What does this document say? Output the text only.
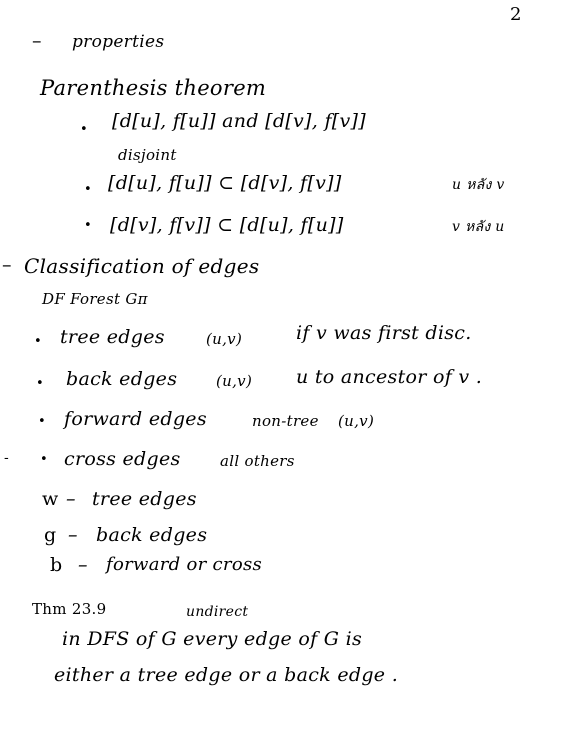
2
– properties
Parenthesis theorem
• [d[u], f[u]] and [d[v], f[v]]
disjoint
• [d[u], f[u]] ⊂ [d[v], f[v]]	u หลัง v
• [d[v], f[v]] ⊂ [d[u], f[u]]	v หลัง u
– Classification of edges
DF Forest Gπ
• tree edges	(u,v)	if v was first disc.
• back edges	(u,v) u to ancestor of v .
• forward edges	non-tree (u,v)
- • cross edges	all others
w – tree edges
g – back edges
b – forward or cross
Thm 23.9	undirect
in DFS of G every edge of G is
either a tree edge or a back edge .
